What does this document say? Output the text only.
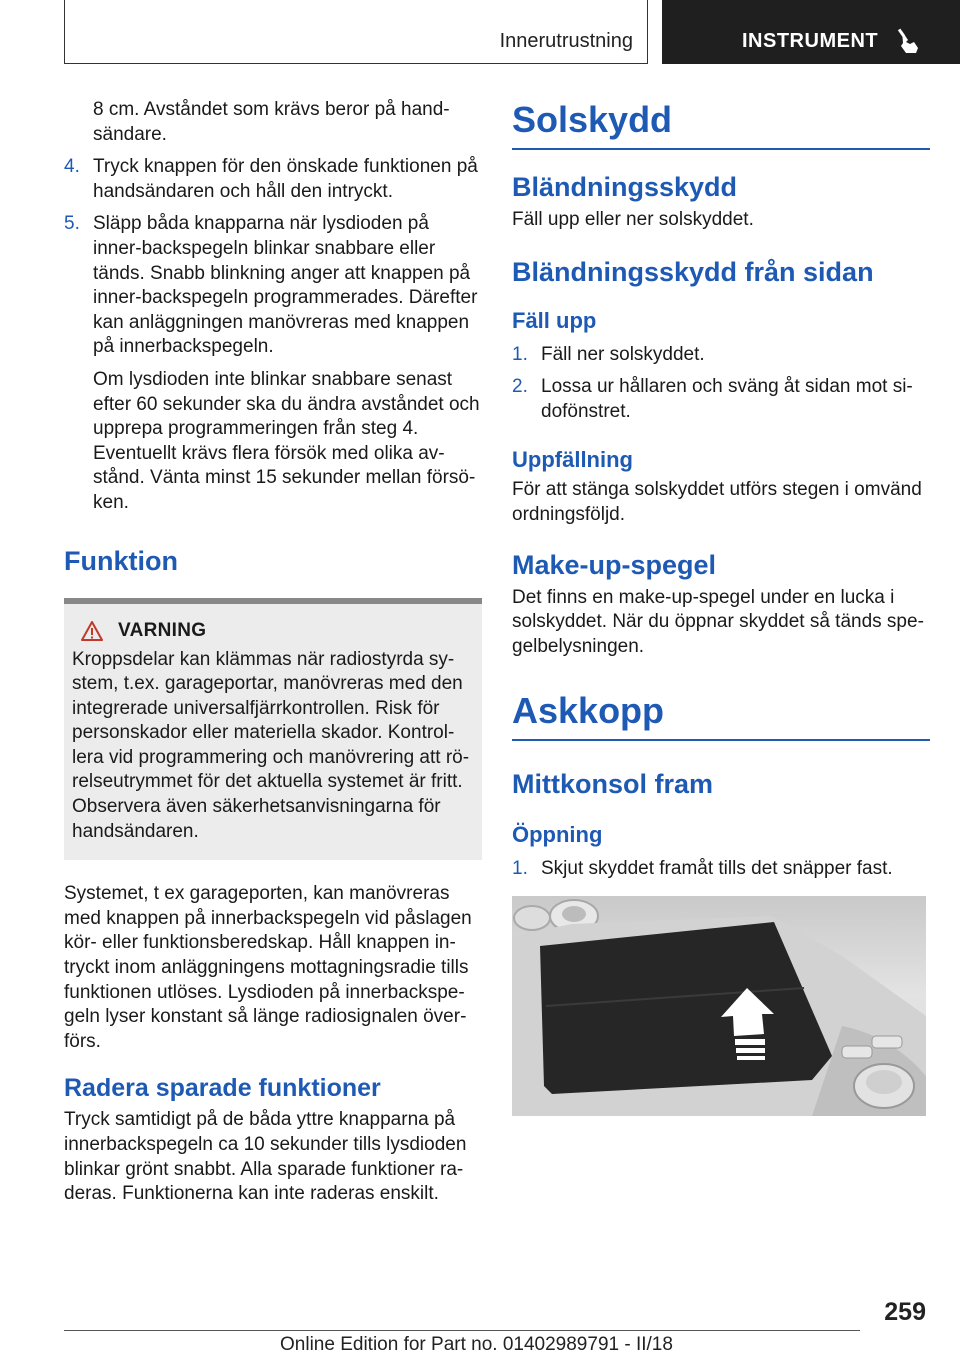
Innerutrustning	INSTRUMENT

8 cm. Avståndet som krävs beror på hand-sändare.

4. Tryck knappen för den önskade funktionen på handsändaren och håll den intryckt.
5. Släpp båda knapparna när lysdioden på inner-backspegeln blinkar snabbare eller tänds. Snabb blinkning anger att knappen på inner-backspegeln programmerades. Därefter kan anläggningen manövreras med knappen på innerbackspegeln.

Om lysdioden inte blinkar snabbare senast efter 60 sekunder ska du ändra avståndet och upprepa programmeringen från steg 4. Eventuellt krävs flera försök med olika av-stånd. Vänta minst 15 sekunder mellan försö-ken.

Funktion
VARNING

Kroppsdelar kan klämmas när radiostyrda sy-stem, t.ex. garageportar, manövreras med den integrerade universalfjärrkontrollen. Risk för personskador eller materiella skador. Kontrol-lera vid programmering och manövrering att rö-relseutrymmet för det aktuella systemet är fritt. Observera även säkerhetsanvisningarna för handsändaren.

Systemet, t ex garageporten, kan manövreras med knappen på innerbackspegeln vid påslagen kör- eller funktionsberedskap. Håll knappen in-tryckt inom anläggningens mottagningsradie tills funktionen utlöses. Lysdioden på innerbackspe-geln lyser konstant så länge radiosignalen över-förs.

Radera sparade funktioner

Tryck samtidigt på de båda yttre knapparna på innerbackspegeln ca 10 sekunder tills lysdioden blinkar grönt snabbt. Alla sparade funktioner ra-deras. Funktionerna kan inte raderas enskilt.

Solskydd
Bländningsskydd

Fäll upp eller ner solskyddet.

Bländningsskydd från sidan
Fäll upp
1. Fäll ner solskyddet.
2. Lossa ur hållaren och sväng åt sidan mot si-dofönstret.
Uppfällning

För att stänga solskyddet utförs stegen i omvänd ordningsföljd.

Make-up-spegel

Det finns en make-up-spegel under en lucka i solskyddet. När du öppnar skyddet så tänds spe-gelbelysningen.

Askkopp
Mittkonsol fram
Öppning
1. Skjut skyddet framåt tills det snäpper fast.
259
Online Edition for Part no. 01402989791 - II/18
